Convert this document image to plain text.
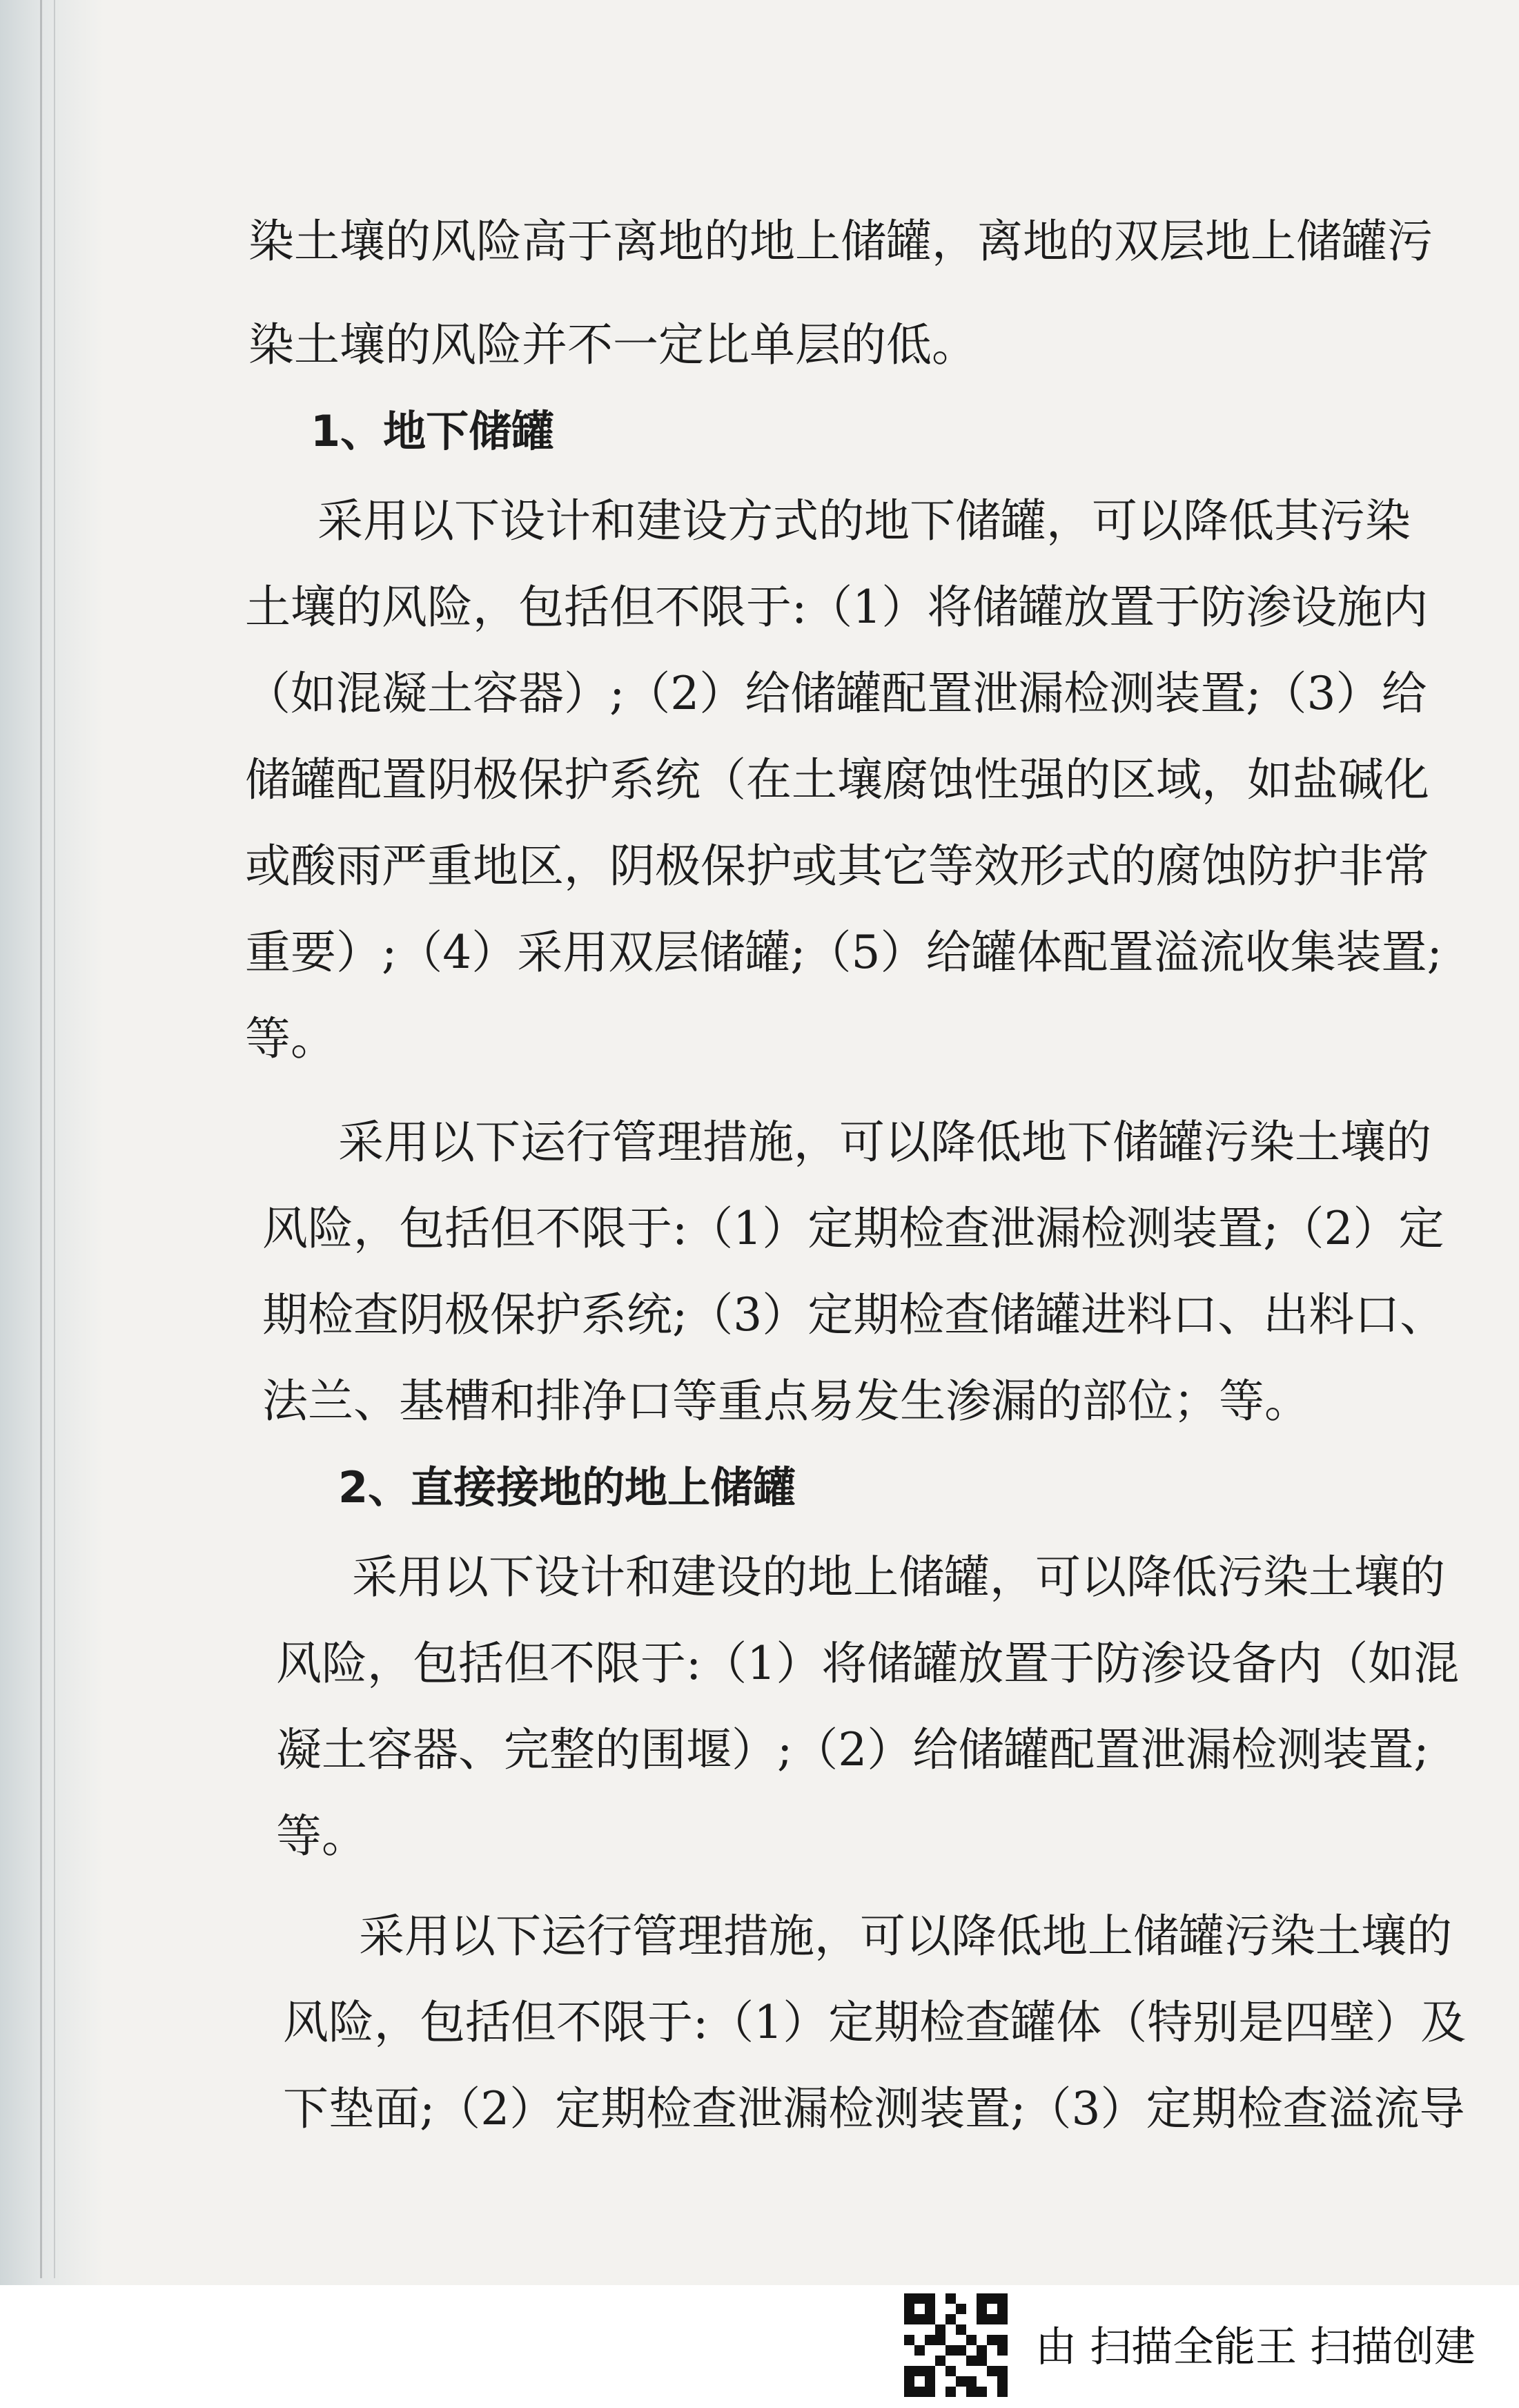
染土壤的风险高于离地的地上储罐，离地的双层地上储罐污
染土壤的风险并不一定比单层的低。
1、地下储罐
采用以下设计和建设方式的地下储罐，可以降低其污染
土壤的风险，包括但不限于:（1）将储罐放置于防渗设施内
（如混凝土容器）;（2）给储罐配置泄漏检测装置;（3）给
储罐配置阴极保护系统（在土壤腐蚀性强的区域，如盐碱化
或酸雨严重地区，阴极保护或其它等效形式的腐蚀防护非常
重要）;（4）采用双层储罐;（5）给罐体配置溢流收集装置;
等。
采用以下运行管理措施，可以降低地下储罐污染土壤的
风险，包括但不限于:（1）定期检查泄漏检测装置;（2）定
期检查阴极保护系统;（3）定期检查储罐进料口、出料口、
法兰、基槽和排净口等重点易发生渗漏的部位；等。
2、直接接地的地上储罐
采用以下设计和建设的地上储罐，可以降低污染土壤的
风险，包括但不限于:（1）将储罐放置于防渗设备内（如混
凝土容器、完整的围堰）;（2）给储罐配置泄漏检测装置;
等。
采用以下运行管理措施，可以降低地上储罐污染土壤的
风险，包括但不限于:（1）定期检查罐体（特别是四壁）及
下垫面;（2）定期检查泄漏检测装置;（3）定期检查溢流导
由 扫描全能王 扫描创建
